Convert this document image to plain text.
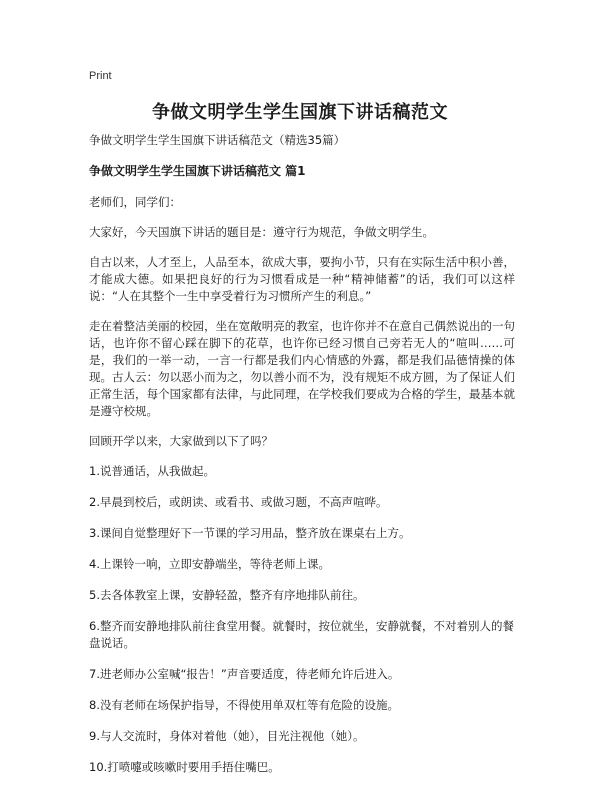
Print
争做文明学生学生国旗下讲话稿范文

争做文明学生学生国旗下讲话稿范文（精选35篇）

争做文明学生学生国旗下讲话稿范文 篇1

老师们，同学们：

大家好，今天国旗下讲话的题目是：遵守行为规范，争做文明学生。

自古以来，人才至上，人品至本，欲成大事，要拘小节，只有在实际生活中积小善，才能成大德。如果把良好的行为习惯看成是一种“精神储蓄”的话，我们可以这样说：“人在其整个一生中享受着行为习惯所产生的利息。”

走在着整洁美丽的校园，坐在宽敞明亮的教室，也许你并不在意自己偶然说出的一句话，也许你不留心踩在脚下的花草，也许你已经习惯自己旁若无人的“喧叫……可是，我们的一举一动，一言一行都是我们内心情感的外露，都是我们品德情操的体现。古人云：勿以恶小而为之，勿以善小而不为，没有规矩不成方圆，为了保证人们正常生活，每个国家都有法律，与此同理，在学校我们要成为合格的学生，最基本就是遵守校规。

回顾开学以来，大家做到以下了吗？

1.说普通话，从我做起。

2.早晨到校后，或朗读、或看书、或做习题，不高声喧哗。

3.课间自觉整理好下一节课的学习用品，整齐放在课桌右上方。

4.上课铃一响，立即安静端坐，等待老师上课。

5.去各体教室上课，安静轻盈，整齐有序地排队前往。

6.整齐而安静地排队前往食堂用餐。就餐时，按位就坐，安静就餐，不对着别人的餐盘说话。

7.进老师办公室喊“报告！”声音要适度，待老师允许后进入。

8.没有老师在场保护指导，不得使用单双杠等有危险的设施。

9.与人交流时，身体对着他（她），目光注视他（她）。

10.打喷嚏或咳嗽时要用手捂住嘴巴。
